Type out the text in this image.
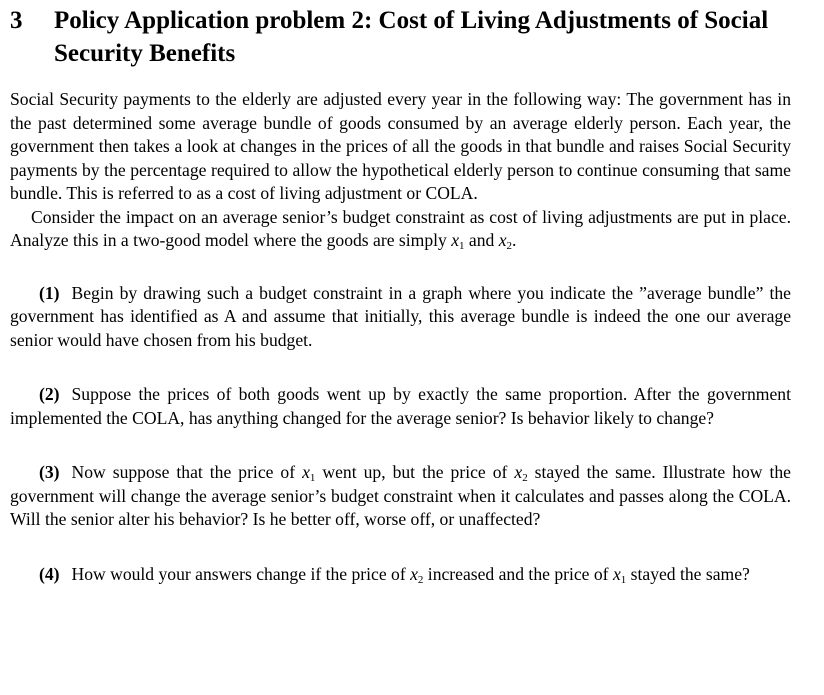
3 Policy Application problem 2: Cost of Living Adjustments of Social Security Benefits

Social Security payments to the elderly are adjusted every year in the following way: The government has in the past determined some average bundle of goods consumed by an average elderly person. Each year, the government then takes a look at changes in the prices of all the goods in that bundle and raises Social Security payments by the percentage required to allow the hypothetical elderly person to continue consuming that same bundle. This is referred to as a cost of living adjustment or COLA.

Consider the impact on an average senior’s budget constraint as cost of living adjustments are put in place. Analyze this in a two-good model where the goods are simply $x_1$ and $x_2$.

(1) Begin by drawing such a budget constraint in a graph where you indicate the ”average bundle” the government has identified as A and assume that initially, this average bundle is indeed the one our average senior would have chosen from his budget.

(2) Suppose the prices of both goods went up by exactly the same proportion. After the government implemented the COLA, has anything changed for the average senior? Is behavior likely to change?

(3) Now suppose that the price of $x_1$ went up, but the price of $x_2$ stayed the same. Illustrate how the government will change the average senior’s budget constraint when it calculates and passes along the COLA. Will the senior alter his behavior? Is he better off, worse off, or unaffected?

(4) How would your answers change if the price of $x_2$ increased and the price of $x_1$ stayed the same?
